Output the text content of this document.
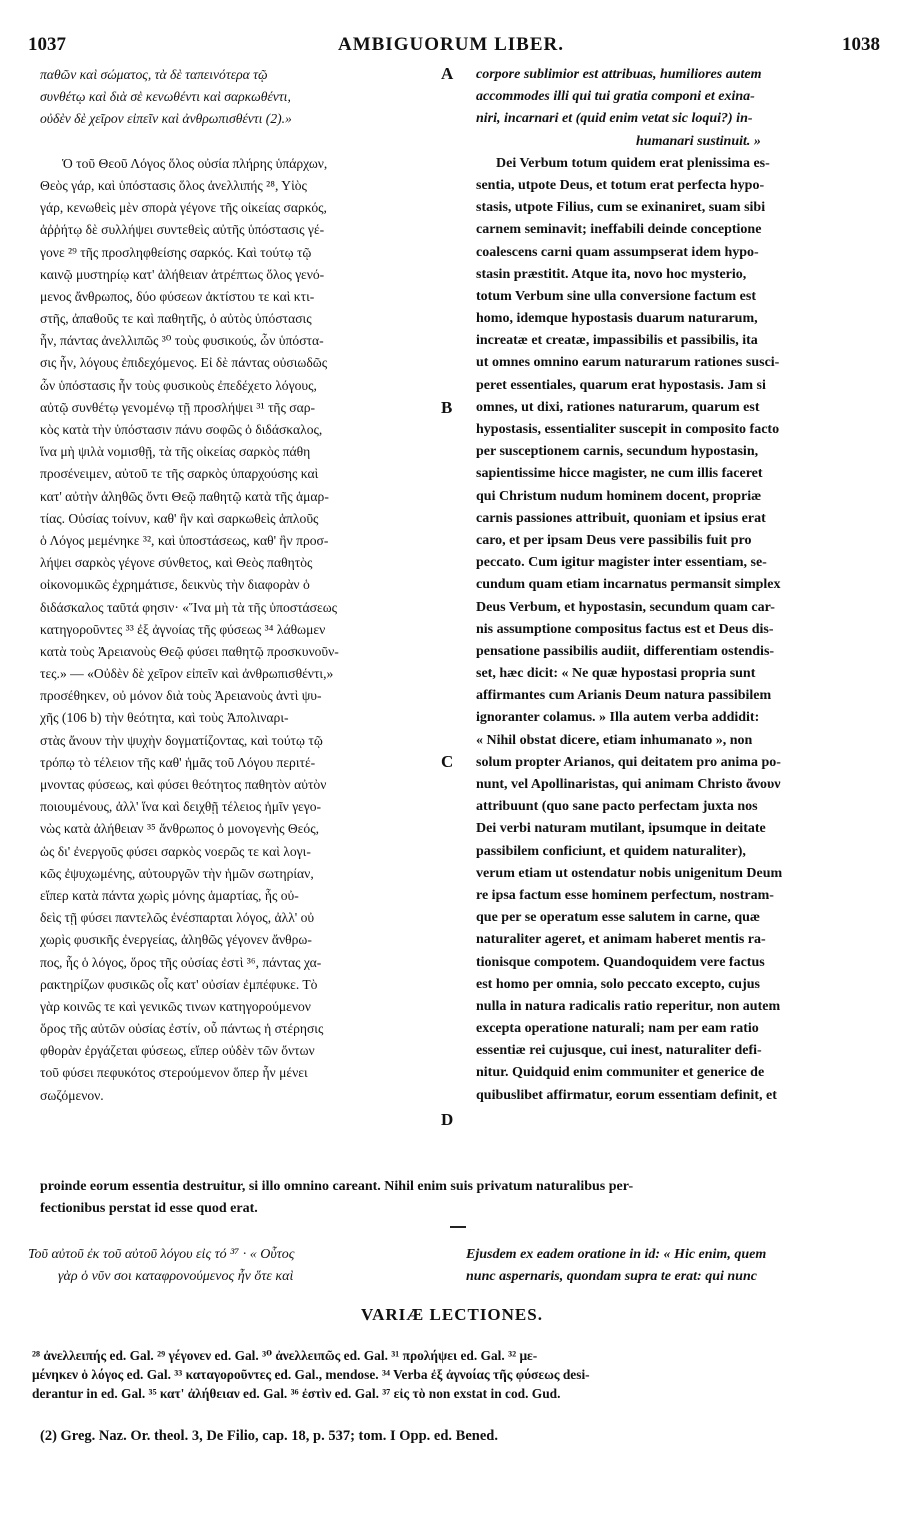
1037	AMBIGUORUM LIBER.	1038
παθῶν καὶ σώματος, τὰ δὲ ταπεινότερα τῷ
συνθέτῳ καὶ διὰ σὲ κενωθέντι καὶ σαρκωθέντι,
οὐδὲν δὲ χεῖρον εἰπεῖν καὶ ἀνθρωπισθέντι (2).»
Ὁ τοῦ Θεοῦ Λόγος ὅλος οὐσία πλήρης ὑπάρχων,
Θεὸς γάρ, καὶ ὑπόστασις ὅλος ἀνελλιπής ²⁸, Υἱὸς
γάρ, κενωθεὶς μὲν σπορὰ γέγονε τῆς οἰκείας σαρκός,
ἀῤῥήτῳ δὲ συλλήψει συντεθεὶς αὐτῆς ὑπόστασις γέ-
γονε ²⁹ τῆς προσληφθείσης σαρκός. Καὶ τούτῳ τῷ
καινῷ μυστηρίῳ κατ' ἀλήθειαν ἀτρέπτως ὅλος γενό-
μενος ἄνθρωπος, δύο φύσεων ἀκτίστου τε καὶ κτι-
στῆς, ἀπαθοῦς τε καὶ παθητῆς, ὁ αὐτὸς ὑπόστασις
ἦν, πάντας ἀνελλιπῶς ³⁰ τοὺς φυσικούς, ὧν ὑπόστα-
σις ἦν, λόγους ἐπιδεχόμενος. Εἰ δὲ πάντας οὐσιωδῶς
ὧν ὑπόστασις ἦν τοὺς φυσικοὺς ἐπεδέχετο λόγους,
αὐτῷ συνθέτῳ γενομένῳ τῇ προσλήψει ³¹ τῆς σαρ-
κὸς κατὰ τὴν ὑπόστασιν πάνυ σοφῶς ὁ διδάσκαλος,
ἵνα μὴ ψιλὰ νομισθῇ, τὰ τῆς οἰκείας σαρκὸς πάθη
προσένειμεν, αὐτοῦ τε τῆς σαρκὸς ὑπαρχούσης καὶ
κατ' αὐτὴν ἀληθῶς ὄντι Θεῷ παθητῷ κατὰ τῆς ἁμαρ-
τίας. Οὐσίας τοίνυν, καθ' ἣν καὶ σαρκωθεὶς ἁπλοῦς
ὁ Λόγος μεμένηκε ³², καὶ ὑποστάσεως, καθ' ἣν προσ-
λήψει σαρκὸς γέγονε σύνθετος, καὶ Θεὸς παθητὸς
οἰκονομικῶς ἐχρημάτισε, δεικνὺς τὴν διαφορὰν ὁ
διδάσκαλος ταῦτά φησιν· «Ἵνα μὴ τὰ τῆς ὑποστάσεως
κατηγοροῦντες ³³ ἐξ ἀγνοίας τῆς φύσεως ³⁴ λάθωμεν
κατὰ τοὺς Ἀρειανοὺς Θεῷ φύσει παθητῷ προσκυνοῦν-
τες.» — «Οὐδὲν δὲ χεῖρον εἰπεῖν καὶ ἀνθρωπισθέντι,»
προσέθηκεν, οὐ μόνον διὰ τοὺς Ἀρειανοὺς ἀντὶ ψυ-
χῆς (106 b) τὴν θεότητα, καὶ τοὺς Ἀπολιναρι-
στὰς ἄνουν τὴν ψυχὴν δογματίζοντας, καὶ τούτῳ τῷ
τρόπῳ τὸ τέλειον τῆς καθ' ἡμᾶς τοῦ Λόγου περιτέ-
μνοντας φύσεως, καὶ φύσει θεότητος παθητὸν αὐτὸν
ποιουμένους, ἀλλ' ἵνα καὶ δειχθῇ τέλειος ἡμῖν γεγο-
νὼς κατὰ ἀλήθειαν ³⁵ ἄνθρωπος ὁ μονογενὴς Θεός,
ὡς δι' ἐνεργοῦς φύσει σαρκὸς νοερῶς τε καὶ λογι-
κῶς ἐψυχωμένης, αὐτουργῶν τὴν ἡμῶν σωτηρίαν,
εἴπερ κατὰ πάντα χωρὶς μόνης ἁμαρτίας, ἧς οὐ-
δεὶς τῇ φύσει παντελῶς ἐνέσπαρται λόγος, ἀλλ' οὐ
χωρὶς φυσικῆς ἐνεργείας, ἀληθῶς γέγονεν ἄνθρω-
πος, ἧς ὁ λόγος, ὅρος τῆς οὐσίας ἐστὶ ³⁶, πάντας χα-
ρακτηρίζων φυσικῶς οἷς κατ' οὐσίαν ἐμπέφυκε. Τὸ
γὰρ κοινῶς τε καὶ γενικῶς τινων κατηγορούμενον
ὅρος τῆς αὐτῶν οὐσίας ἐστίν, οὗ πάντως ἡ στέρησις
φθορὰν ἐργάζεται φύσεως, εἴπερ οὐδὲν τῶν ὄντων
τοῦ φύσει πεφυκότος στερούμενον ὅπερ ἦν μένει
σωζόμενον.
corpore sublimior est attribuas, humiliores autem
accommodes illi qui tui gratia componi et exina-
niri, incarnari et (quid enim vetat sic loqui?) in-
humanari sustinuit. »
Dei Verbum totum quidem erat plenissima es-
sentia, utpote Deus, et totum erat perfecta hypo-
stasis, utpote Filius, cum se exinaniret, suam sibi
carnem seminavit; ineffabili deinde conceptione
coalescens carni quam assumpserat idem hypo-
stasin præstitit. Atque ita, novo hoc mysterio,
totum Verbum sine ulla conversione factum est
homo, idemque hypostasis duarum naturarum,
increatæ et creatæ, impassibilis et passibilis, ita
ut omnes omnino earum naturarum rationes susci-
peret essentiales, quarum erat hypostasis. Jam si
omnes, ut dixi, rationes naturarum, quarum est
hypostasis, essentialiter suscepit in composito facto
per susceptionem carnis, secundum hypostasin,
sapientissime hicce magister, ne cum illis faceret
qui Christum nudum hominem docent, propriæ
carnis passiones attribuit, quoniam et ipsius erat
caro, et per ipsam Deus vere passibilis fuit pro
peccato. Cum igitur magister inter essentiam, se-
cundum quam etiam incarnatus permansit simplex
Deus Verbum, et hypostasin, secundum quam car-
nis assumptione compositus factus est et Deus dis-
pensatione passibilis audiit, differentiam ostendis-
set, hæc dicit: « Ne quæ hypostasi propria sunt
affirmantes cum Arianis Deum natura passibilem
ignoranter colamus. » Illa autem verba addidit:
« Nihil obstat dicere, etiam inhumanato », non
solum propter Arianos, qui deitatem pro anima po-
nunt, vel Apollinaristas, qui animam Christo ἄνουν
attribuunt (quo sane pacto perfectam juxta nos
Dei verbi naturam mutilant, ipsumque in deitate
passibilem conficiunt, et quidem naturaliter),
verum etiam ut ostendatur nobis unigenitum Deum
re ipsa factum esse hominem perfectum, nostram-
que per se operatum esse salutem in carne, quæ
naturaliter ageret, et animam haberet mentis ra-
tionisque compotem. Quandoquidem vere factus
est homo per omnia, solo peccato excepto, cujus
nulla in natura radicalis ratio reperitur, non autem
excepta operatione naturali; nam per eam ratio
essentiæ rei cujusque, cui inest, naturaliter defi-
nitur. Quidquid enim communiter et generice de
quibuslibet affirmatur, eorum essentiam definit, et
A
B
C
D
proinde eorum essentia destruitur, si illo omnino careant. Nihil enim suis privatum naturalibus per-
fectionibus perstat id esse quod erat.
Τοῦ αὐτοῦ ἐκ τοῦ αὐτοῦ λόγου εἰς τό ³⁷ · « Οὗτος
γὰρ ὁ νῦν σοι καταφρονούμενος ἦν ὅτε καὶ
Ejusdem ex eadem oratione in id: « Hic enim, quem
nunc aspernaris, quondam supra te erat: qui nunc
VARIÆ LECTIONES.
²⁸ ἀνελλειπής ed. Gal. ²⁹ γέγονεν ed. Gal. ³⁰ ἀνελλειπῶς ed. Gal. ³¹ προλήψει ed. Gal. ³² με-
μένηκεν ὁ λόγος ed. Gal. ³³ καταγοροῦντες ed. Gal., mendose. ³⁴ Verba ἐξ ἀγνοίας τῆς φύσεως desi-
derantur in ed. Gal. ³⁵ κατ' ἀλήθειαν ed. Gal. ³⁶ ἐστὶν ed. Gal. ³⁷ εἰς τὸ non exstat in cod. Gud.
(2) Greg. Naz. Or. theol. 3, De Filio, cap. 18, p. 537; tom. I Opp. ed. Bened.
